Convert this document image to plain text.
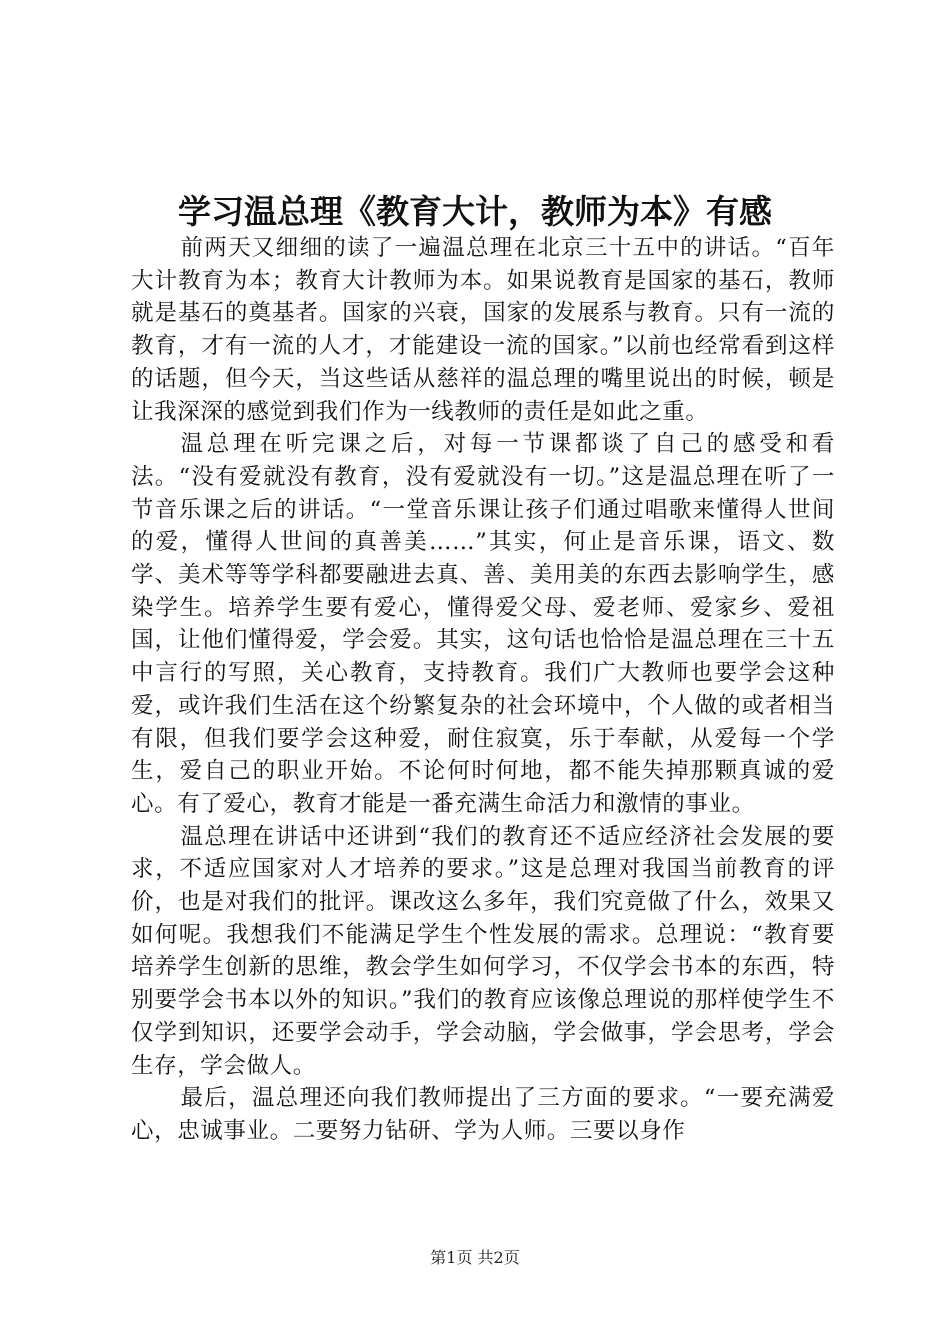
学习温总理《教育大计，教师为本》有感

前两天又细细的读了一遍温总理在北京三十五中的讲话。“百年大计教育为本；教育大计教师为本。如果说教育是国家的基石，教师就是基石的奠基者。国家的兴衰，国家的发展系与教育。只有一流的教育，才有一流的人才，才能建设一流的国家。”以前也经常看到这样的话题，但今天，当这些话从慈祥的温总理的嘴里说出的时候，顿是让我深深的感觉到我们作为一线教师的责任是如此之重。

温总理在听完课之后，对每一节课都谈了自己的感受和看法。“没有爱就没有教育，没有爱就没有一切。”这是温总理在听了一节音乐课之后的讲话。“一堂音乐课让孩子们通过唱歌来懂得人世间的爱，懂得人世间的真善美……”其实，何止是音乐课，语文、数学、美术等等学科都要融进去真、善、美用美的东西去影响学生，感染学生。培养学生要有爱心，懂得爱父母、爱老师、爱家乡、爱祖国，让他们懂得爱，学会爱。其实，这句话也恰恰是温总理在三十五中言行的写照，关心教育，支持教育。我们广大教师也要学会这种爱，或许我们生活在这个纷繁复杂的社会环境中，个人做的或者相当有限，但我们要学会这种爱，耐住寂寞，乐于奉献，从爱每一个学生，爱自己的职业开始。不论何时何地，都不能失掉那颗真诚的爱心。有了爱心，教育才能是一番充满生命活力和激情的事业。

温总理在讲话中还讲到“我们的教育还不适应经济社会发展的要求，不适应国家对人才培养的要求。”这是总理对我国当前教育的评价，也是对我们的批评。课改这么多年，我们究竟做了什么，效果又如何呢。我想我们不能满足学生个性发展的需求。总理说：“教育要培养学生创新的思维，教会学生如何学习，不仅学会书本的东西，特别要学会书本以外的知识。”我们的教育应该像总理说的那样使学生不仅学到知识，还要学会动手，学会动脑，学会做事，学会思考，学会生存，学会做人。

最后，温总理还向我们教师提出了三方面的要求。“一要充满爱心，忠诚事业。二要努力钻研、学为人师。三要以身作

第1页 共2页
